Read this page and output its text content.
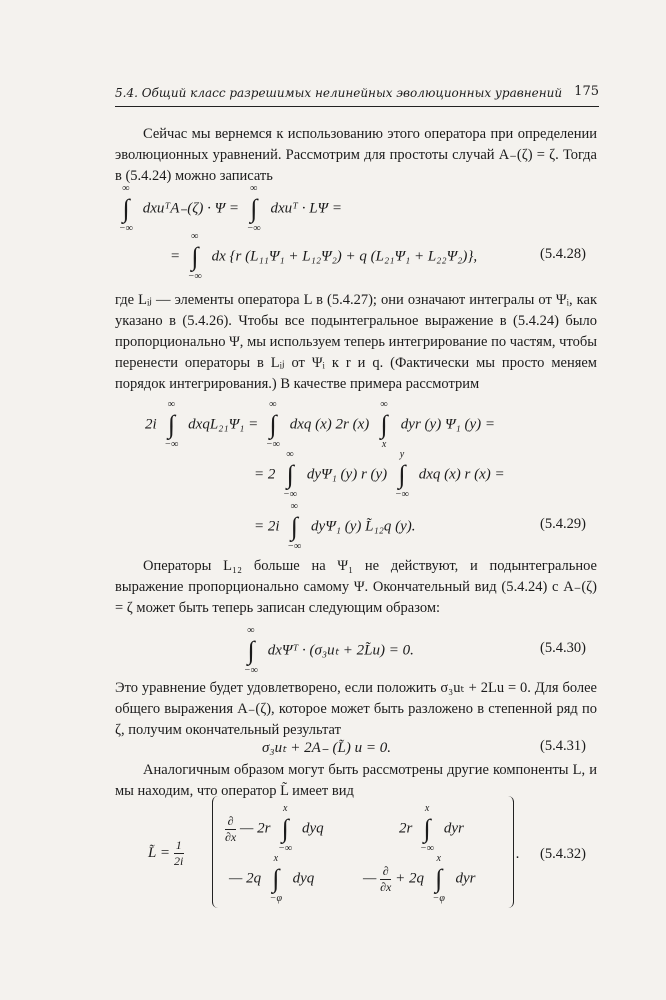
5.4. Общий класс разрешимых нелинейных эволюционных уравнений 175
Сейчас мы вернемся к использованию этого оператора при определении эволюционных уравнений. Рассмотрим для простоты случай A₋(ζ) = ζ. Тогда в (5.4.24) можно записать
∞
∫
−∞
dxuᵀA₋(ζ) · Ψ =
∞
∫
−∞
dxuᵀ · LΨ =
=
∞
∫
−∞
dx {r (L₁₁Ψ₁ + L₁₂Ψ₂) + q (L₂₁Ψ₁ + L₂₂Ψ₂)},	(5.4.28)
где Lᵢⱼ — элементы оператора L в (5.4.27); они означают интегралы от Ψᵢ, как указано в (5.4.26). Чтобы все подынтегральное выражение в (5.4.24) было пропорционально Ψ, мы используем теперь интегрирование по частям, чтобы перенести операторы в Lᵢⱼ от Ψᵢ к r и q. (Фактически мы просто меняем порядок интегрирования.) В качестве примера рассмотрим
2i
∞
∫
−∞
dxqL₂₁Ψ₁ =
∞
∫
−∞
dxq (x) 2r (x)
∞
∫
x
dyr (y) Ψ₁ (y) =
= 2
∞
∫
−∞
dyΨ₁ (y) r (y)
y
∫
−∞
dxq (x) r (x) =
= 2i
∞
∫
−∞
dyΨ₁ (y) L̃₁₂q (y).	(5.4.29)
Операторы L₁₂ больше на Ψ₁ не действуют, и подынтегральное выражение пропорционально самому Ψ. Окончательный вид (5.4.24) с A₋(ζ) = ζ может быть теперь записан следующим образом:
∞
∫
−∞
dxΨᵀ · (σ₃uₜ + 2L̃u) = 0.	(5.4.30)
Это уравнение будет удовлетворено, если положить σ₃uₜ + 2Lu = 0. Для более общего выражения A₋(ζ), которое может быть разложено в степенной ряд по ζ, получим окончательный результат
σ₃uₜ + 2A₋ (L̃) u = 0.	(5.4.31)
Аналогичным образом могут быть рассмотрены другие компоненты L, и мы находим, что оператор L̃ имеет вид
L̃ = $\frac{1}{2i}$
$\frac{\partial}{\partial x}$ — 2r
x
∫
−∞
dyq	2r
x
∫
−∞
dyr
— 2q
x
∫
−φ
dyq	— $\frac{\partial}{\partial x} + 2q$
x
∫
−φ
dyr
. (5.4.32)
